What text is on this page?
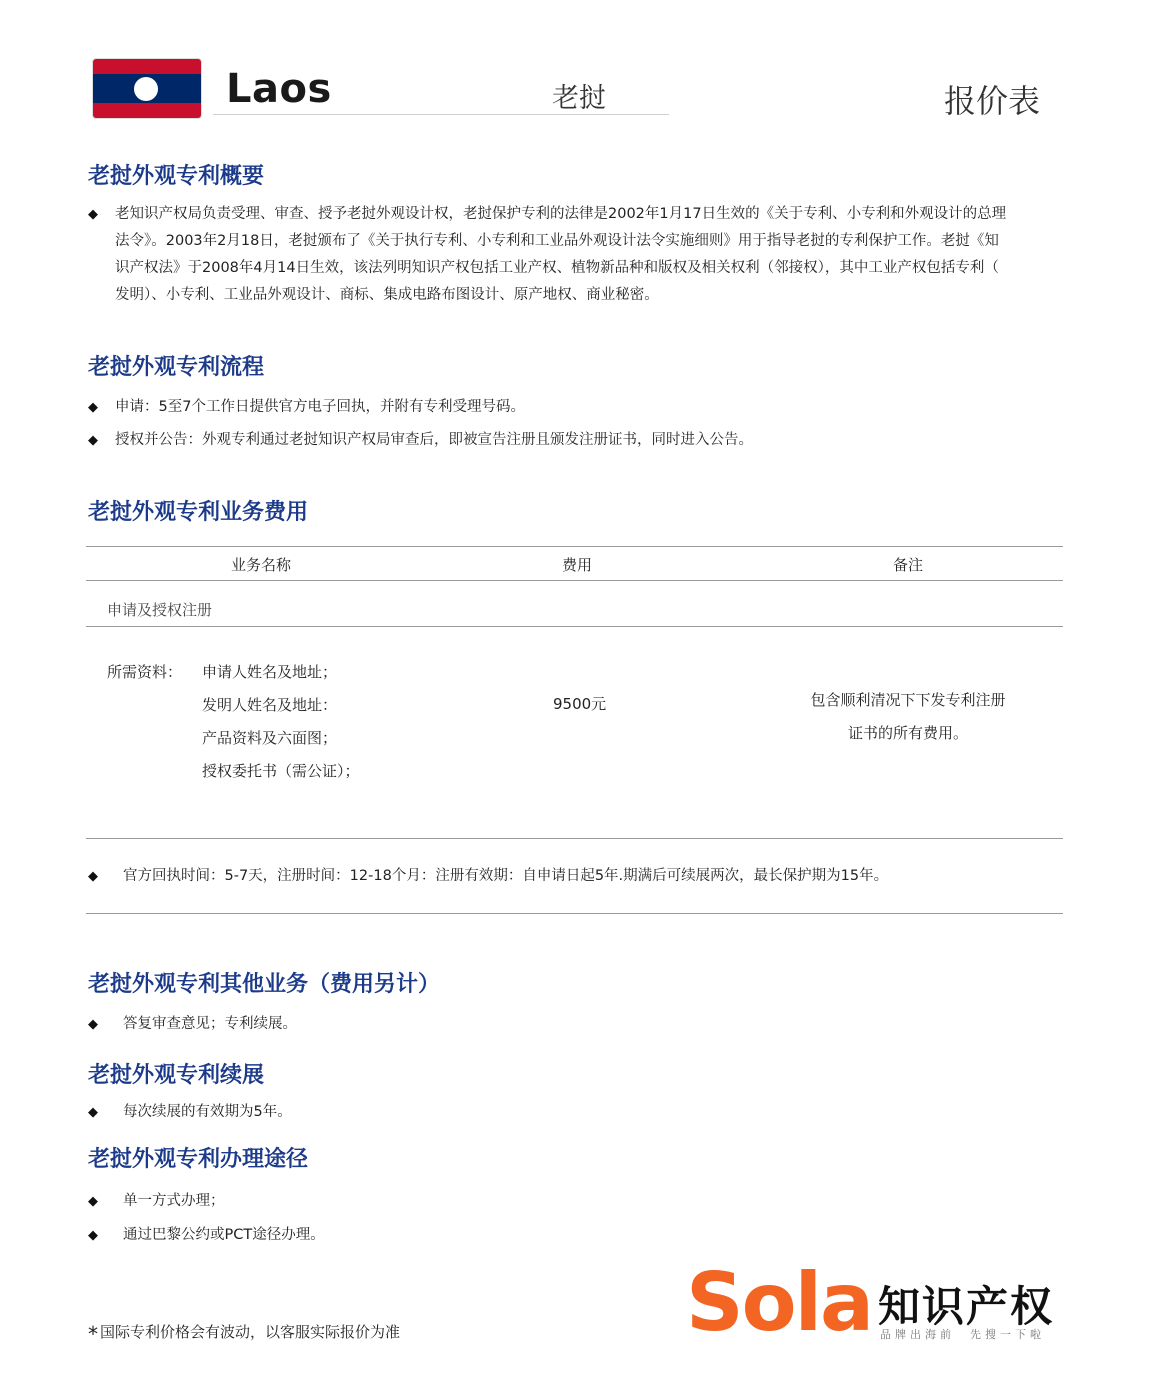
Laos	老挝	报价表
老挝外观专利概要
◆ 老知识产权局负责受理、审查、授予老挝外观设计权，老挝保护专利的法律是2002年1月17日生效的《关于专利、小专利和外观设计的总理
法令》。2003年2月18日，老挝颁布了《关于执行专利、小专利和工业品外观设计法令实施细则》用于指导老挝的专利保护工作。老挝《知
识产权法》于2008年4月14日生效，该法列明知识产权包括工业产权、植物新品种和版权及相关权利（邻接权），其中工业产权包括专利（
发明）、小专利、工业品外观设计、商标、集成电路布图设计、原产地权、商业秘密。
老挝外观专利流程
◆ 申请：5至7个工作日提供官方电子回执，并附有专利受理号码。
◆ 授权并公告：外观专利通过老挝知识产权局审查后，即被宣告注册且颁发注册证书，同时进入公告。
老挝外观专利业务费用
业务名称	费用	备注
申请及授权注册
所需资料： 申请人姓名及地址；
发明人姓名及地址：
产品资料及六面图；
授权委托书（需公证）；
9500元	包含顺利清况下下发专利注册
证书的所有费用。
◆ 官方回执时间：5-7天，注册时间：12-18个月：注册有效期：自申请日起5年.期满后可续展两次，最长保护期为15年。
老挝外观专利其他业务（费用另计）
◆ 答复审查意见；专利续展。
老挝外观专利续展
◆ 每次续展的有效期为5年。
老挝外观专利办理途径
◆ 单一方式办理；
◆ 通过巴黎公约或PCT途径办理。
* 国际专利价格会有波动，以客服实际报价为准	Sola 知识产权
品牌出海前　先搜一下啦
